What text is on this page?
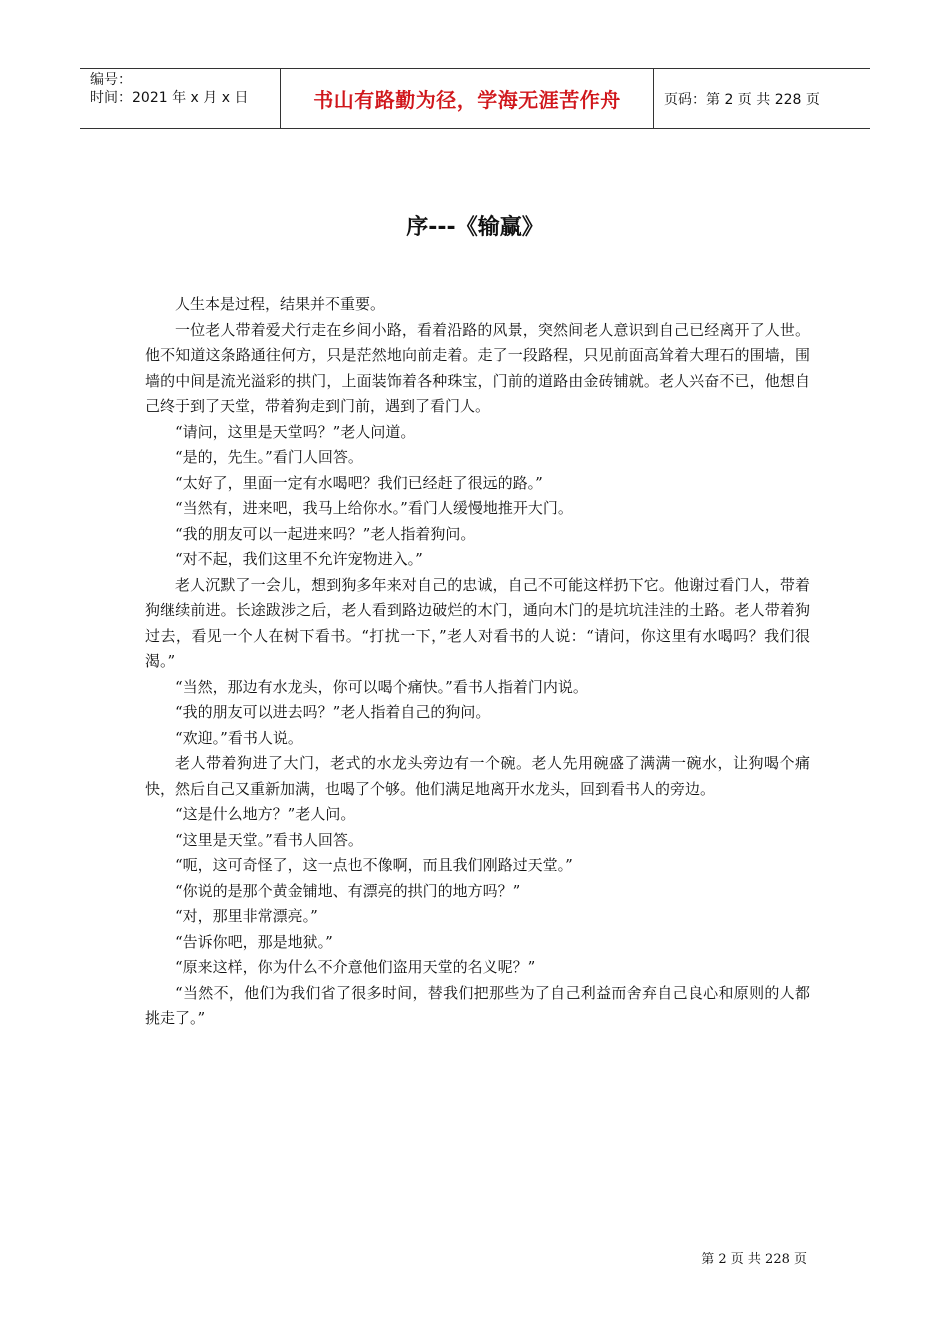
编号：
时间：2021 年 x 月 x 日	书山有路勤为径，学海无涯苦作舟	页码：第 2 页 共 228 页
序---《输赢》

人生本是过程，结果并不重要。

一位老人带着爱犬行走在乡间小路，看着沿路的风景，突然间老人意识到自己已经离开了人世。他不知道这条路通往何方，只是茫然地向前走着。走了一段路程，只见前面高耸着大理石的围墙，围墙的中间是流光溢彩的拱门，上面装饰着各种珠宝，门前的道路由金砖铺就。老人兴奋不已，他想自己终于到了天堂，带着狗走到门前，遇到了看门人。

“请问，这里是天堂吗？”老人问道。

“是的，先生。”看门人回答。

“太好了，里面一定有水喝吧？我们已经赶了很远的路。”

“当然有，进来吧，我马上给你水。”看门人缓慢地推开大门。

“我的朋友可以一起进来吗？”老人指着狗问。

“对不起，我们这里不允许宠物进入。”

老人沉默了一会儿，想到狗多年来对自己的忠诚，自己不可能这样扔下它。他谢过看门人，带着狗继续前进。长途跋涉之后，老人看到路边破烂的木门，通向木门的是坑坑洼洼的土路。老人带着狗过去，看见一个人在树下看书。“打扰一下，”老人对看书的人说：“请问，你这里有水喝吗？我们很渴。”

“当然，那边有水龙头，你可以喝个痛快。”看书人指着门内说。

“我的朋友可以进去吗？”老人指着自己的狗问。

“欢迎。”看书人说。

老人带着狗进了大门，老式的水龙头旁边有一个碗。老人先用碗盛了满满一碗水，让狗喝个痛快，然后自己又重新加满，也喝了个够。他们满足地离开水龙头，回到看书人的旁边。

“这是什么地方？”老人问。

“这里是天堂。”看书人回答。

“呃，这可奇怪了，这一点也不像啊，而且我们刚路过天堂。”

“你说的是那个黄金铺地、有漂亮的拱门的地方吗？”

“对，那里非常漂亮。”

“告诉你吧，那是地狱。”

“原来这样，你为什么不介意他们盗用天堂的名义呢？”

“当然不，他们为我们省了很多时间，替我们把那些为了自己利益而舍弃自己良心和原则的人都挑走了。”

第 2 页 共 228 页
